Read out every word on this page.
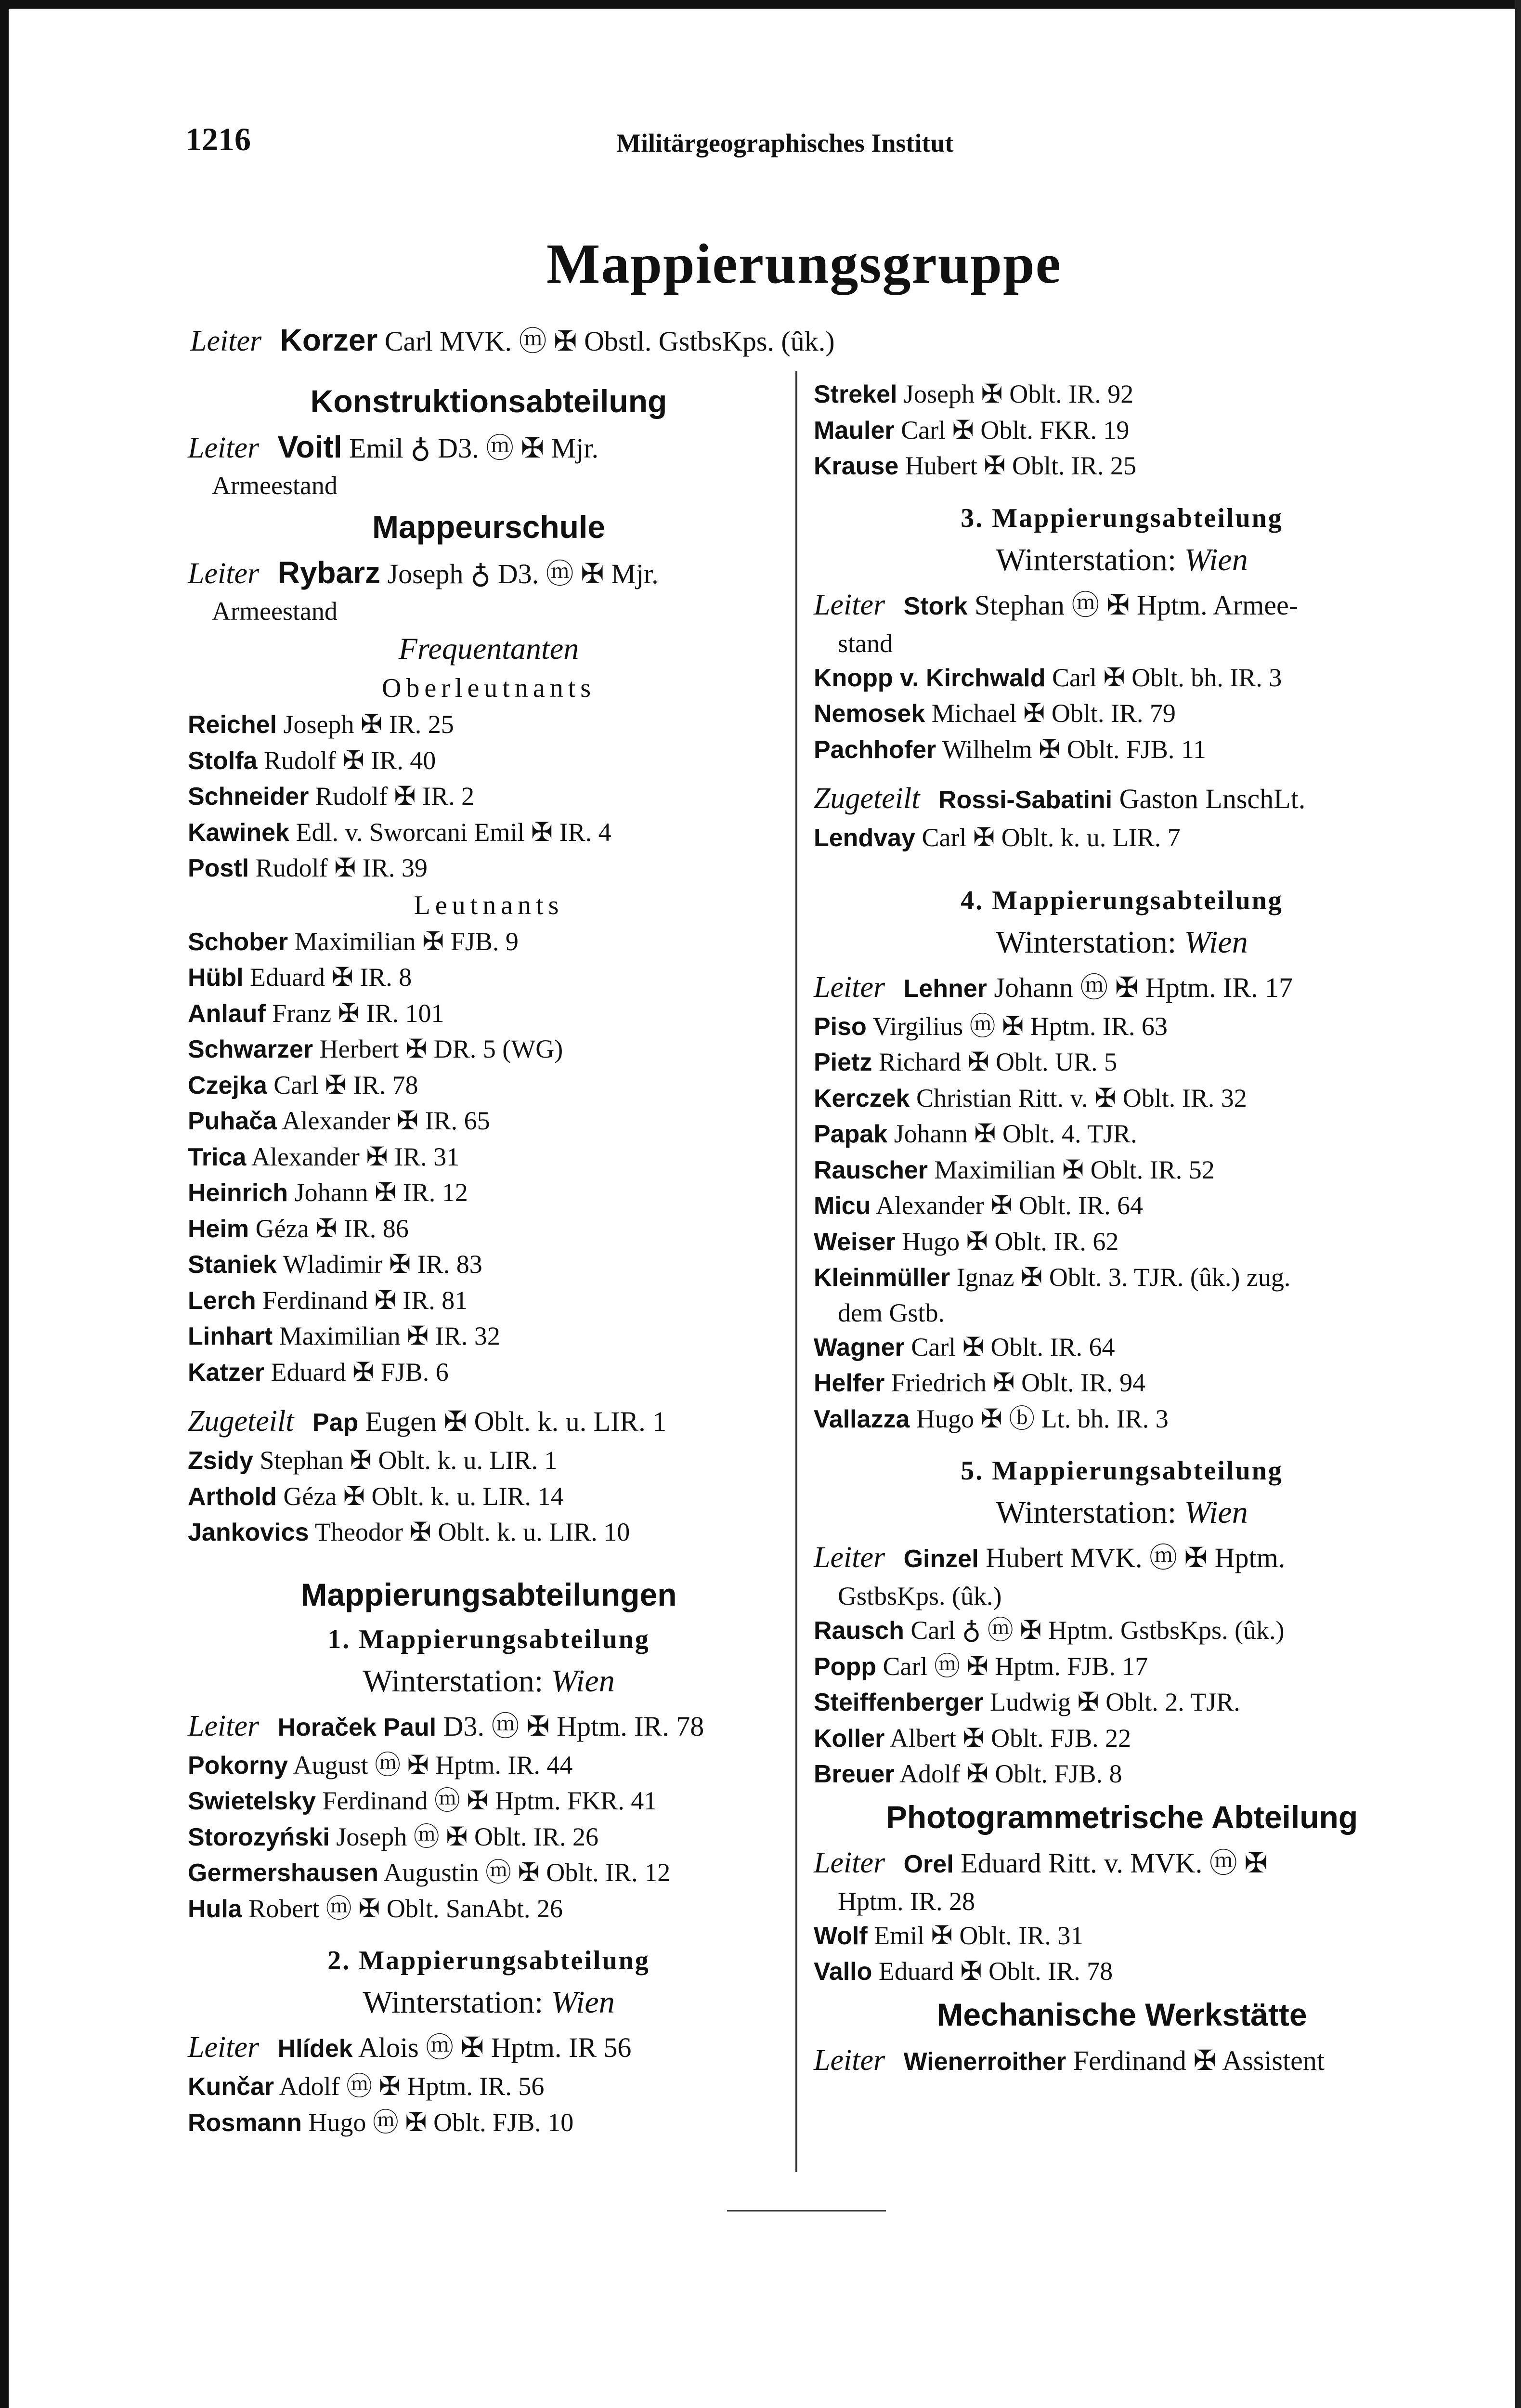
1216	Militärgeographisches Institut
Mappierungsgruppe
Leiter Korzer Carl MVK. ⓜ ✠ Obstl. GstbsKps. (ûk.)
Konstruktionsabteilung
Leiter Voitl Emil ♁ D3. ⓜ ✠ Mjr.
Armeestand
Mappeurschule
Leiter Rybarz Joseph ♁ D3. ⓜ ✠ Mjr.
Armeestand
Frequentanten
Oberleutnants
Reichel Joseph ✠ IR. 25
Stolfa Rudolf ✠ IR. 40
Schneider Rudolf ✠ IR. 2
Kawinek Edl. v. Sworcani Emil ✠ IR. 4
Postl Rudolf ✠ IR. 39
Leutnants
Schober Maximilian ✠ FJB. 9
Hübl Eduard ✠ IR. 8
Anlauf Franz ✠ IR. 101
Schwarzer Herbert ✠ DR. 5 (WG)
Czejka Carl ✠ IR. 78
Puhača Alexander ✠ IR. 65
Trica Alexander ✠ IR. 31
Heinrich Johann ✠ IR. 12
Heim Géza ✠ IR. 86
Staniek Wladimir ✠ IR. 83
Lerch Ferdinand ✠ IR. 81
Linhart Maximilian ✠ IR. 32
Katzer Eduard ✠ FJB. 6
Zugeteilt Pap Eugen ✠ Oblt. k. u. LIR. 1
Zsidy Stephan ✠ Oblt. k. u. LIR. 1
Arthold Géza ✠ Oblt. k. u. LIR. 14
Jankovics Theodor ✠ Oblt. k. u. LIR. 10
Mappierungsabteilungen
1. Mappierungsabteilung
Winterstation: Wien
Leiter Horaček Paul D3. ⓜ ✠ Hptm. IR. 78
Pokorny August ⓜ ✠ Hptm. IR. 44
Swietelsky Ferdinand ⓜ ✠ Hptm. FKR. 41
Storozyński Joseph ⓜ ✠ Oblt. IR. 26
Germershausen Augustin ⓜ ✠ Oblt. IR. 12
Hula Robert ⓜ ✠ Oblt. SanAbt. 26
2. Mappierungsabteilung
Winterstation: Wien
Leiter Hlídek Alois ⓜ ✠ Hptm. IR 56
Kunčar Adolf ⓜ ✠ Hptm. IR. 56
Rosmann Hugo ⓜ ✠ Oblt. FJB. 10
Strekel Joseph ✠ Oblt. IR. 92
Mauler Carl ✠ Oblt. FKR. 19
Krause Hubert ✠ Oblt. IR. 25
3. Mappierungsabteilung
Winterstation: Wien
Leiter Stork Stephan ⓜ ✠ Hptm. Armee-
stand
Knopp v. Kirchwald Carl ✠ Oblt. bh. IR. 3
Nemosek Michael ✠ Oblt. IR. 79
Pachhofer Wilhelm ✠ Oblt. FJB. 11
Zugeteilt Rossi-Sabatini Gaston LnschLt.
Lendvay Carl ✠ Oblt. k. u. LIR. 7
4. Mappierungsabteilung
Winterstation: Wien
Leiter Lehner Johann ⓜ ✠ Hptm. IR. 17
Piso Virgilius ⓜ ✠ Hptm. IR. 63
Pietz Richard ✠ Oblt. UR. 5
Kerczek Christian Ritt. v. ✠ Oblt. IR. 32
Papak Johann ✠ Oblt. 4. TJR.
Rauscher Maximilian ✠ Oblt. IR. 52
Micu Alexander ✠ Oblt. IR. 64
Weiser Hugo ✠ Oblt. IR. 62
Kleinmüller Ignaz ✠ Oblt. 3. TJR. (ûk.) zug.
dem Gstb.
Wagner Carl ✠ Oblt. IR. 64
Helfer Friedrich ✠ Oblt. IR. 94
Vallazza Hugo ✠ ⓑ Lt. bh. IR. 3
5. Mappierungsabteilung
Winterstation: Wien
Leiter Ginzel Hubert MVK. ⓜ ✠ Hptm.
GstbsKps. (ûk.)
Rausch Carl ♁ ⓜ ✠ Hptm. GstbsKps. (ûk.)
Popp Carl ⓜ ✠ Hptm. FJB. 17
Steiffenberger Ludwig ✠ Oblt. 2. TJR.
Koller Albert ✠ Oblt. FJB. 22
Breuer Adolf ✠ Oblt. FJB. 8
Photogrammetrische Abteilung
Leiter Orel Eduard Ritt. v. MVK. ⓜ ✠
Hptm. IR. 28
Wolf Emil ✠ Oblt. IR. 31
Vallo Eduard ✠ Oblt. IR. 78
Mechanische Werkstätte
Leiter Wienerroither Ferdinand ✠ Assistent
